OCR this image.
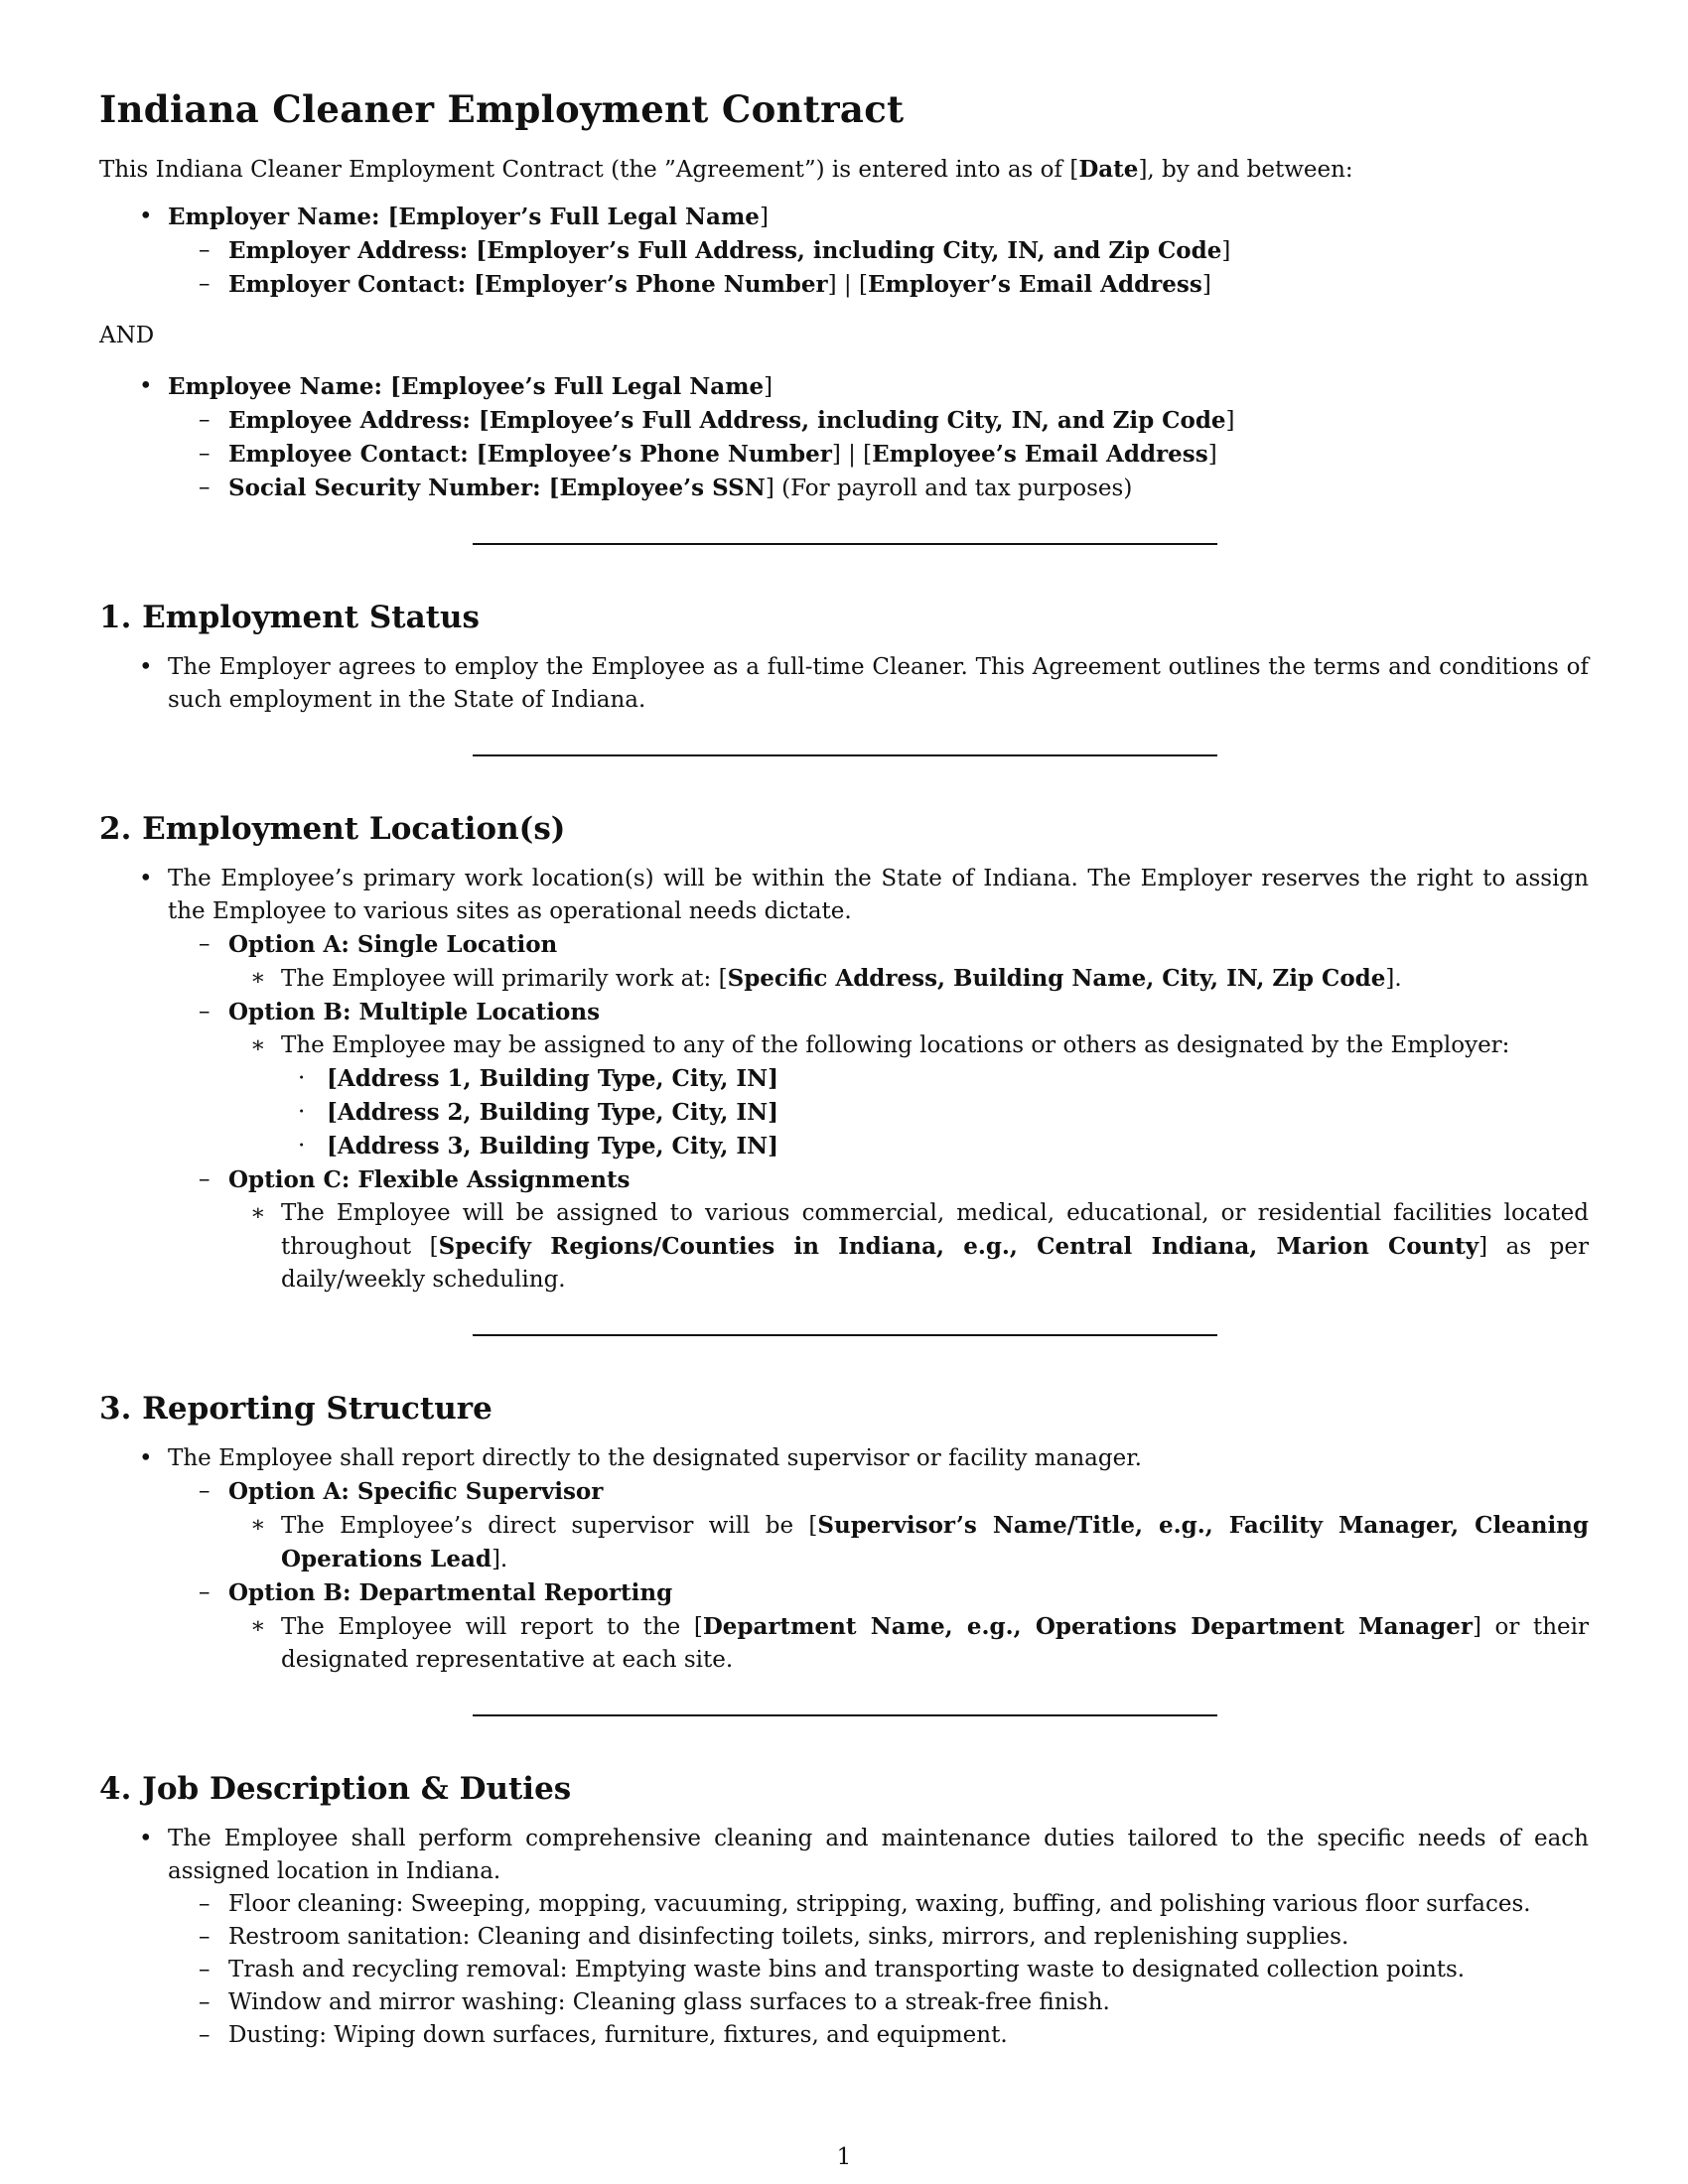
Indiana Cleaner Employment Contract

This Indiana Cleaner Employment Contract (the ”Agreement”) is entered into as of [Date], by and between:

• Employer Name: [Employer’s Full Legal Name]
– Employer Address: [Employer’s Full Address, including City, IN, and Zip Code]
– Employer Contact: [Employer’s Phone Number] | [Employer’s Email Address]

AND

• Employee Name: [Employee’s Full Legal Name]
– Employee Address: [Employee’s Full Address, including City, IN, and Zip Code]
– Employee Contact: [Employee’s Phone Number] | [Employee’s Email Address]
– Social Security Number: [Employee’s SSN] (For payroll and tax purposes)
1. Employment Status
• The Employer agrees to employ the Employee as a full-time Cleaner. This Agreement outlines the terms and conditions of such employment in the State of Indiana.
2. Employment Location(s)
• The Employee’s primary work location(s) will be within the State of Indiana. The Employer reserves the right to assign the Employee to various sites as operational needs dictate.
– Option A: Single Location
∗ The Employee will primarily work at: [Specific Address, Building Name, City, IN, Zip Code].
– Option B: Multiple Locations
∗ The Employee may be assigned to any of the following locations or others as designated by the Employer:
· [Address 1, Building Type, City, IN]
· [Address 2, Building Type, City, IN]
· [Address 3, Building Type, City, IN]
– Option C: Flexible Assignments
∗ The Employee will be assigned to various commercial, medical, educational, or residential facilities located throughout [Specify Regions/Counties in Indiana, e.g., Central Indiana, Marion County] as per daily/weekly scheduling.
3. Reporting Structure
• The Employee shall report directly to the designated supervisor or facility manager.
– Option A: Specific Supervisor
∗ The Employee’s direct supervisor will be [Supervisor’s Name/Title, e.g., Facility Manager, Cleaning Operations Lead].
– Option B: Departmental Reporting
∗ The Employee will report to the [Department Name, e.g., Operations Department Manager] or their designated representative at each site.
4. Job Description & Duties
• The Employee shall perform comprehensive cleaning and maintenance duties tailored to the specific needs of each assigned location in Indiana.
– Floor cleaning: Sweeping, mopping, vacuuming, stripping, waxing, buffing, and polishing various floor surfaces.
– Restroom sanitation: Cleaning and disinfecting toilets, sinks, mirrors, and replenishing supplies.
– Trash and recycling removal: Emptying waste bins and transporting waste to designated collection points.
– Window and mirror washing: Cleaning glass surfaces to a streak-free finish.
– Dusting: Wiping down surfaces, furniture, fixtures, and equipment.
1
